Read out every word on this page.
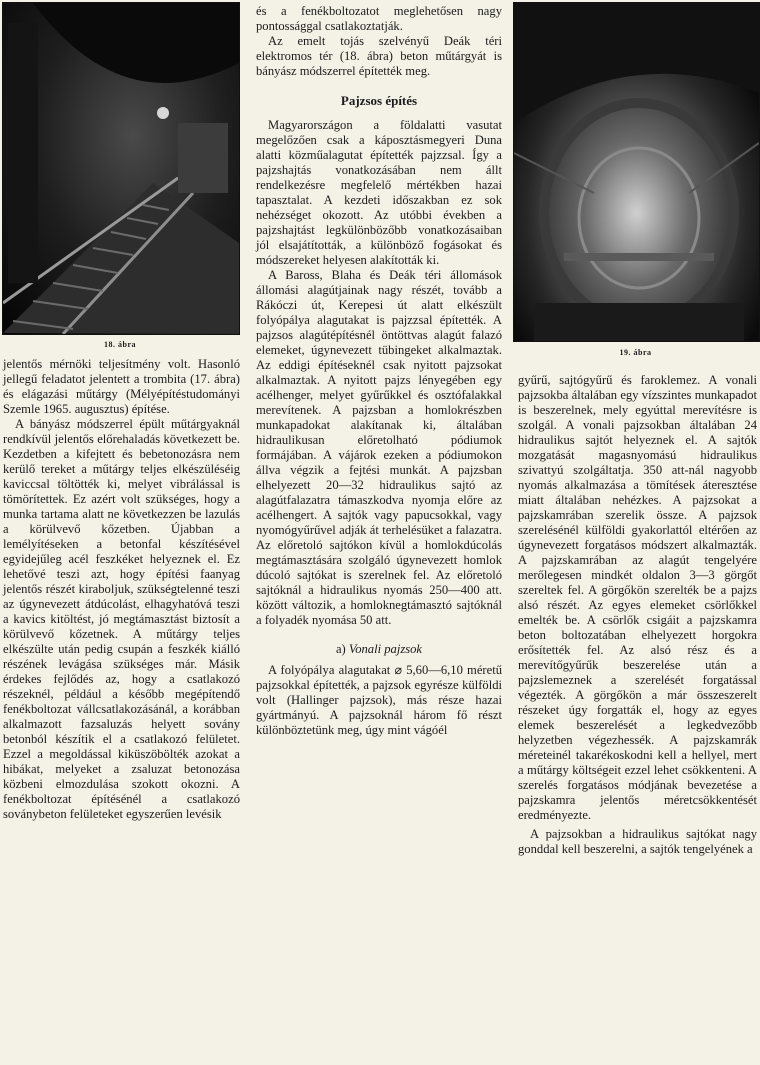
18. ábra
19. ábra

jelentős mérnöki teljesítmény volt. Hasonló jellegű feladatot jelentett a trombita (17. ábra) és elágazási műtárgy (Mélyépítéstudományi Szemle 1965. augusztus) építése.

A bányász módszerrel épült műtárgyaknál rendkívül jelentős előrehaladás következett be. Kezdetben a kifejtett és bebetonozásra nem kerülő tereket a műtárgy teljes elkészüléséig kaviccsal töltötték ki, melyet vibrálással is tömörítettek. Ez azért volt szükséges, hogy a munka tartama alatt ne következzen be lazulás a körülvevő kőzetben. Újabban a lemélyítéseken a betonfal készítésével egyidejűleg acél feszkéket helyeznek el. Ez lehetővé teszi azt, hogy építési faanyag jelentős részét kiraboljuk, szükségtelenné teszi az úgynevezett átdúcolást, elhagyhatóvá teszi a kavics kitöltést, jó megtámasztást biztosít a körülvevő kőzetnek. A műtárgy teljes elkészülte után pedig csupán a feszkék kiálló részének levágása szükséges már. Másik érdekes fejlődés az, hogy a csatlakozó részeknél, például a később megépítendő fenékboltozat vállcsatlakozásánál, a korábban alkalmazott fazsaluzás helyett sovány betonból készítik el a csatlakozó felületet. Ezzel a megoldással kiküszöbölték azokat a hibákat, melyeket a zsaluzat betonozása közbeni elmozdulása szokott okozni. A fenékboltozat építésénél a csatlakozó soványbeton felületeket egyszerűen levésik

és a fenékboltozatot meglehetősen nagy pontossággal csatlakoztatják.

Az emelt tojás szelvényű Deák téri elektromos tér (18. ábra) beton műtárgyát is bányász módszerrel építették meg.

Pajzsos építés

Magyarországon a földalatti vasutat megelőzően csak a káposztásmegyeri Duna alatti közműalagutat építették pajzzsal. Így a pajzshajtás vonatkozásában nem állt rendelkezésre megfelelő mértékben hazai tapasztalat. A kezdeti időszakban ez sok nehézséget okozott. Az utóbbi években a pajzshajtást legkülönbözőbb vonatkozásaiban jól elsajátították, a különböző fogásokat és módszereket helyesen alakították ki.

A Baross, Blaha és Deák téri állomások állomási alagútjainak nagy részét, tovább a Rákóczi út, Kerepesi út alatt elkészült folyópálya alagutakat is pajzzsal építették. A pajzsos alagútépítésnél öntöttvas alagút falazó elemeket, úgynevezett tübingeket alkalmaztak. Az eddigi építéseknél csak nyitott pajzsokat alkalmaztak. A nyitott pajzs lényegében egy acélhenger, melyet gyűrűkkel és osztófalakkal merevítenek. A pajzsban a homlokrészben munkapadokat alakítanak ki, általában hidraulikusan előretolható pódiumok formájában. A vájárok ezeken a pódiumokon állva végzik a fejtési munkát. A pajzsban elhelyezett 20—32 hidraulikus sajtó az alagútfalazatra támaszkodva nyomja előre az acélhengert. A sajtók vagy papucsokkal, vagy nyomógyűrűvel adják át terhelésüket a falazatra. Az előretoló sajtókon kívül a homlokdúcolás megtámasztására szolgáló úgynevezett homlok dúcoló sajtókat is szerelnek fel. Az előretoló sajtóknál a hidraulikus nyomás 250—400 att. között változik, a homloknegtámasztó sajtóknál a folyadék nyomása 50 att.

a) Vonali pajzsok

A folyópálya alagutakat ⌀ 5,60—6,10 méretű pajzsokkal építették, a pajzsok egyrésze külföldi volt (Hallinger pajzsok), más része hazai gyártmányú. A pajzsoknál három fő részt különböztetünk meg, úgy mint vágóél

gyűrű, sajtógyűrű és faroklemez. A vonali pajzsokba általában egy vízszintes munkapadot is beszerelnek, mely egyúttal merevítésre is szolgál. A vonali pajzsokban általában 24 hidraulikus sajtót helyeznek el. A sajtók mozgatását magasnyomású hidraulikus szivattyú szolgáltatja. 350 att-nál nagyobb nyomás alkalmazása a tömítések áteresztése miatt általában nehézkes. A pajzsokat a pajzskamrában szerelik össze. A pajzsok szerelésénél külföldi gyakorlattól eltérően az úgynevezett forgatásos módszert alkalmazták. A pajzskamrában az alagút tengelyére merőlegesen mindkét oldalon 3—3 görgőt szereltek fel. A görgőkön szerelték be a pajzs alsó részét. Az egyes elemeket csörlőkkel emelték be. A csörlők csigáit a pajzskamra beton boltozatában elhelyezett horgokra erősítették fel. Az alsó rész és a merevítőgyűrűk beszerelése után a pajzslemeznek a szerelését forgatással végezték. A görgőkön a már összeszerelt részeket úgy forgatták el, hogy az egyes elemek beszerelését a legkedvezőbb helyzetben végezhessék. A pajzskamrák méreteinél takarékoskodni kell a hellyel, mert a műtárgy költségeit ezzel lehet csökkenteni. A szerelés forgatásos módjának bevezetése a pajzskamra jelentős méretcsökkentését eredményezte.

A pajzsokban a hidraulikus sajtókat nagy gonddal kell beszerelni, a sajtók tengelyének a
